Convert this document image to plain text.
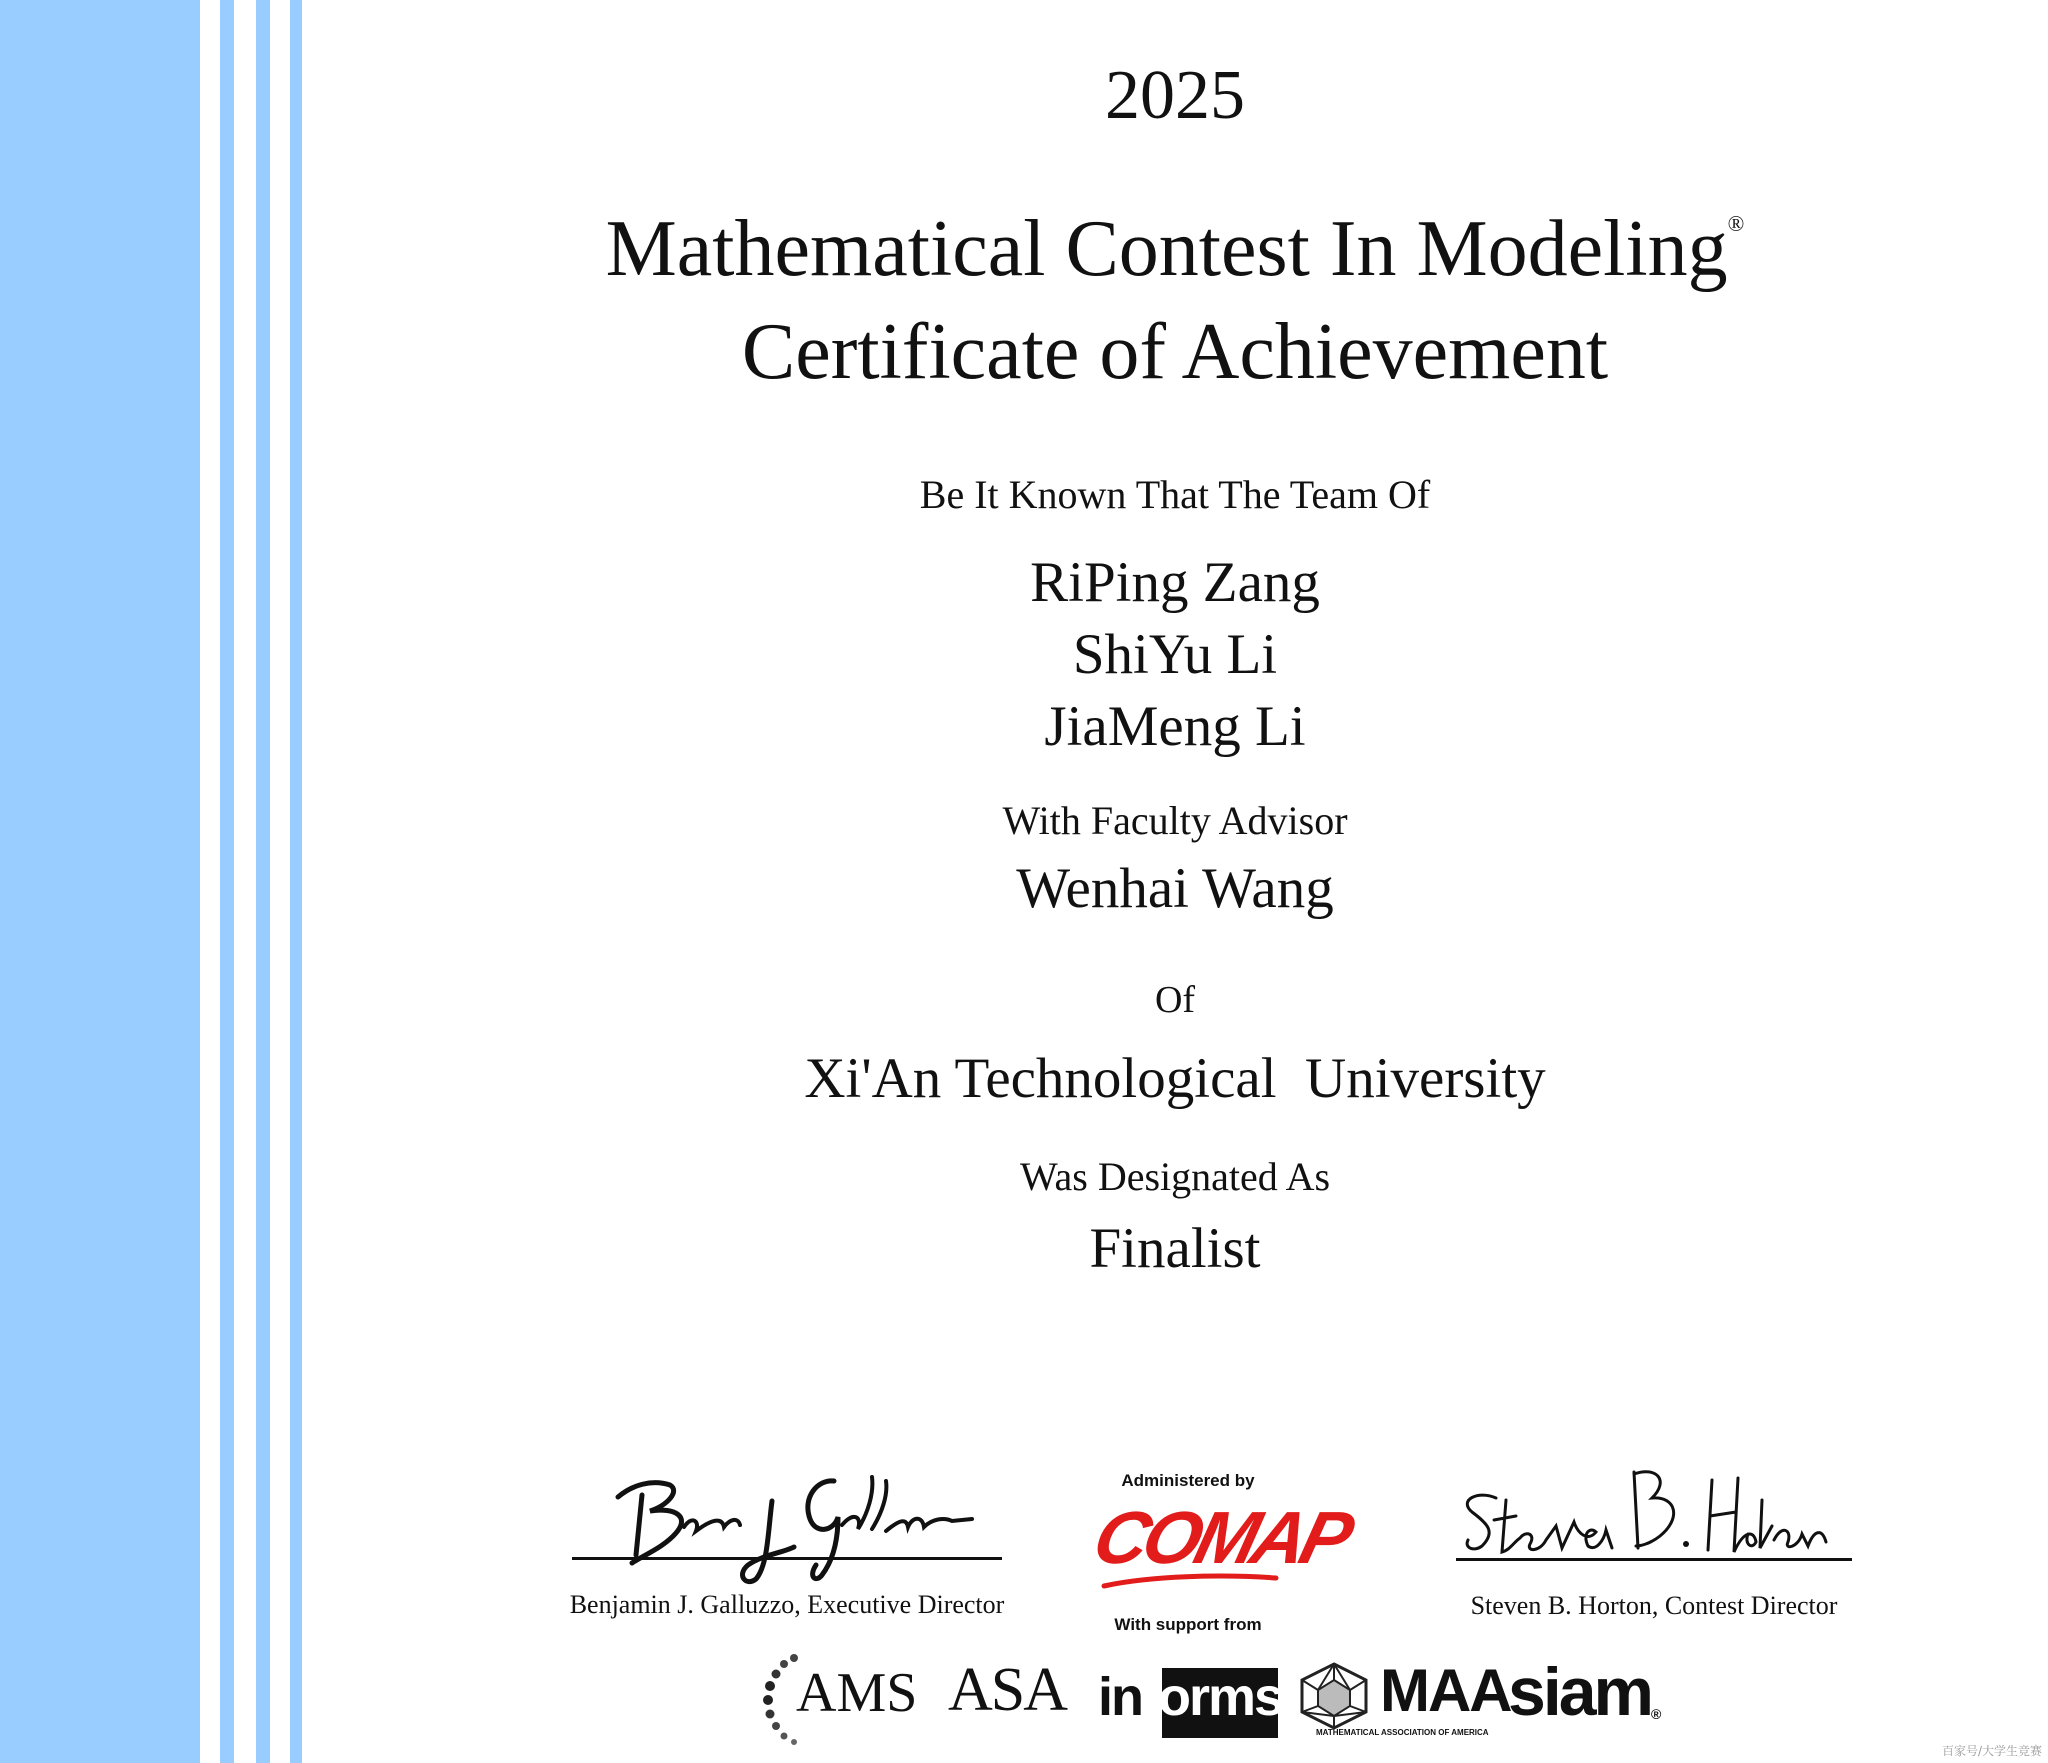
2025
Mathematical Contest In Modeling®
Certificate of Achievement
Be It Known That The Team Of
RiPing Zang
ShiYu Li
JiaMeng Li
With Faculty Advisor
Wenhai Wang
Of
Xi'An Technological  University
Was Designated As
Finalist
Benjamin J. Galluzzo, Executive Director
Administered by
COMAP
With support from
Steven B. Horton, Contest Director
AMS ASA informs MAA
MATHEMATICAL ASSOCIATION OF AMERICA
siam®
百家号/大学生竞赛
